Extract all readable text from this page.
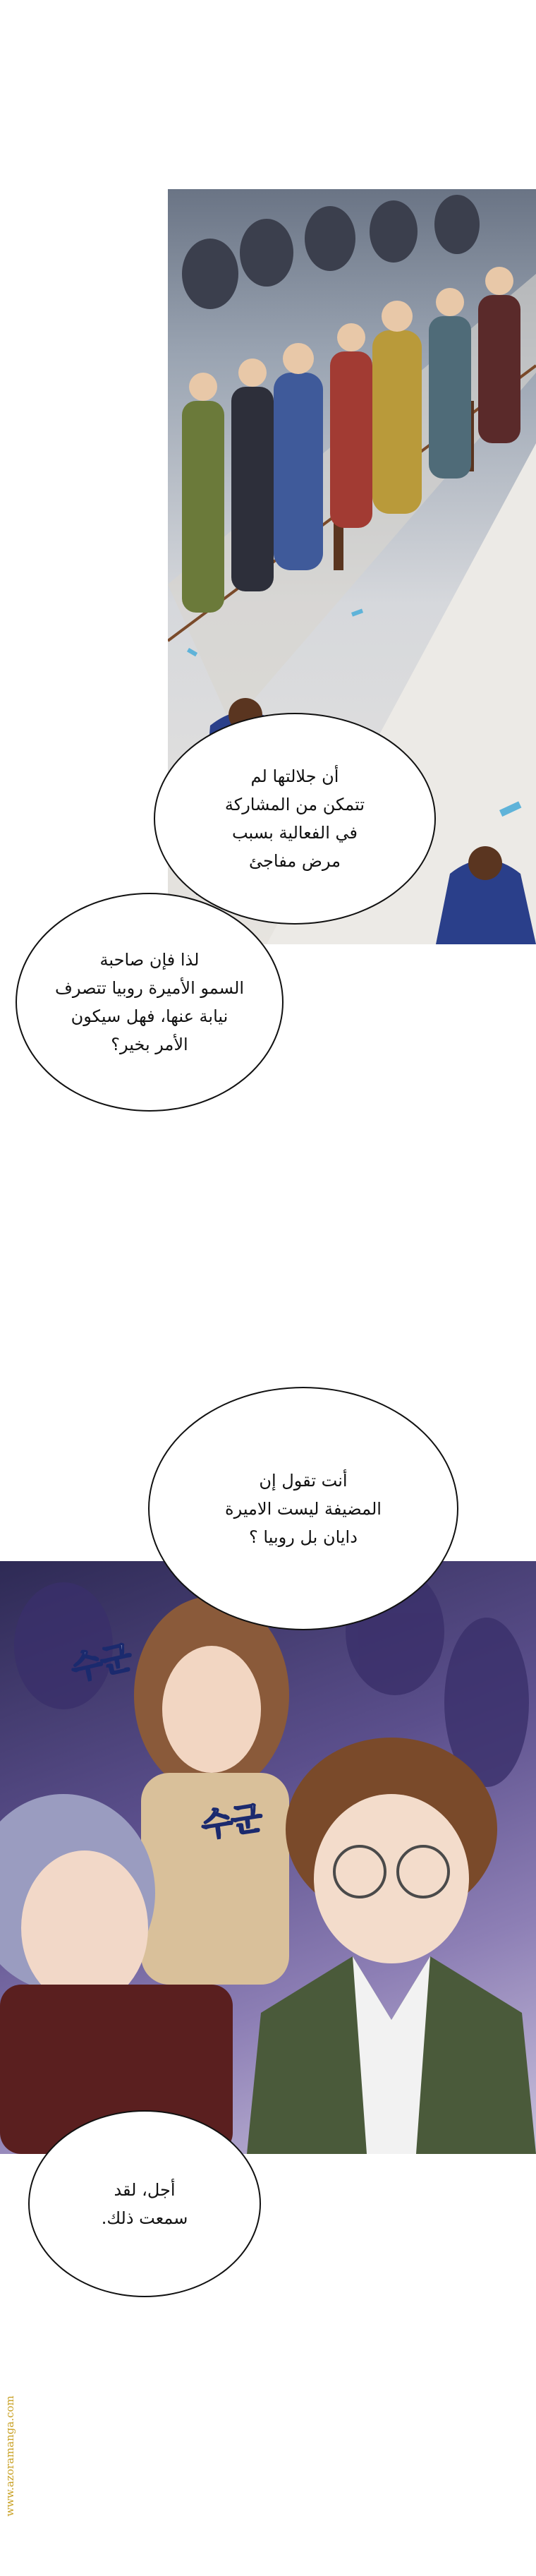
أن جلالتها لم
تتمكن من المشاركة
في الفعالية بسبب
مرض مفاجئ
لذا فإن صاحبة
السمو الأميرة روبيا تتصرف
نيابة عنها، فهل سيكون
الأمر بخير؟
수군
수군
أنت تقول إن
المضيفة ليست الاميرة
دايان بل روبيا ؟
أجل، لقد
سمعت ذلك.
www.azoramanga.com
